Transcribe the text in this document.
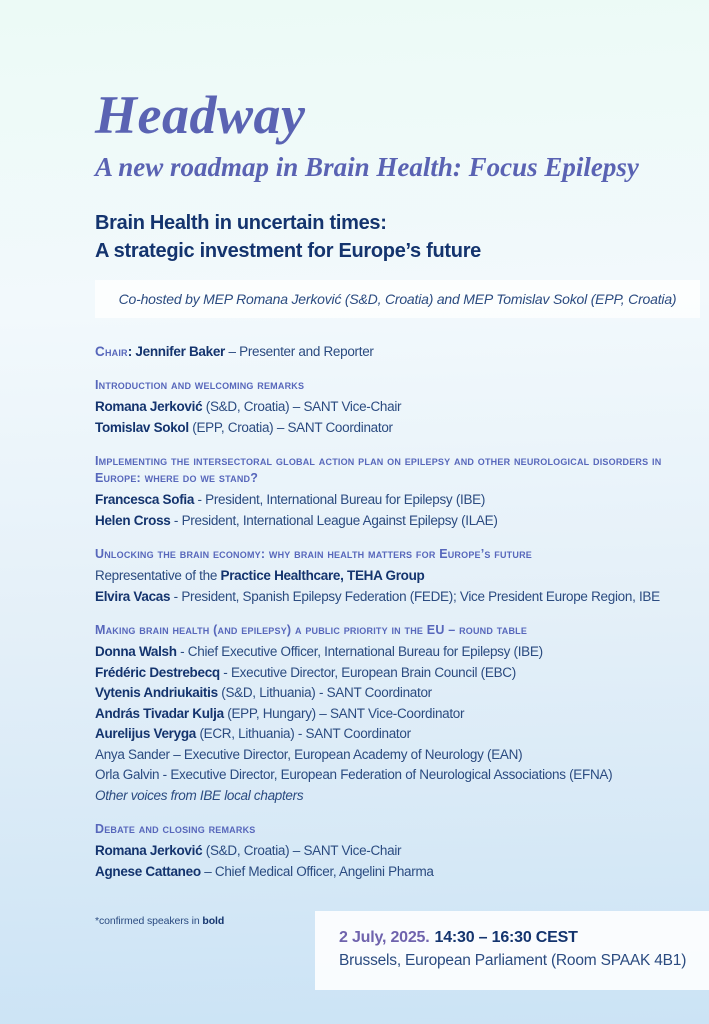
Headway
A new roadmap in Brain Health: Focus Epilepsy
Brain Health in uncertain times:
A strategic investment for Europe’s future
Co-hosted by MEP Romana Jerković (S&D, Croatia) and MEP Tomislav Sokol (EPP, Croatia)
Chair: Jennifer Baker – Presenter and Reporter
Introduction and welcoming remarks
Romana Jerković (S&D, Croatia) – SANT Vice-Chair
Tomislav Sokol (EPP, Croatia) – SANT Coordinator
Implementing the intersectoral global action plan on epilepsy and other neurological disorders in Europe: where do we stand?
Francesca Sofia - President, International Bureau for Epilepsy (IBE)
Helen Cross - President, International League Against Epilepsy (ILAE)
Unlocking the brain economy: why brain health matters for Europe’s future
Representative of the Practice Healthcare, TEHA Group
Elvira Vacas - President, Spanish Epilepsy Federation (FEDE); Vice President Europe Region, IBE
Making brain health (and epilepsy) a public priority in the EU – round table
Donna Walsh - Chief Executive Officer, International Bureau for Epilepsy (IBE)
Frédéric Destrebecq - Executive Director, European Brain Council (EBC)
Vytenis Andriukaitis (S&D, Lithuania) - SANT Coordinator
András Tivadar Kulja (EPP, Hungary) – SANT Vice-Coordinator
Aurelijus Veryga (ECR, Lithuania) - SANT Coordinator
Anya Sander – Executive Director, European Academy of Neurology (EAN)
Orla Galvin - Executive Director, European Federation of Neurological Associations (EFNA)
Other voices from IBE local chapters
Debate and closing remarks
Romana Jerković (S&D, Croatia) – SANT Vice-Chair
Agnese Cattaneo – Chief Medical Officer, Angelini Pharma
*confirmed speakers in bold
2 July, 2025. 14:30 – 16:30 CEST
Brussels, European Parliament (Room SPAAK 4B1)
